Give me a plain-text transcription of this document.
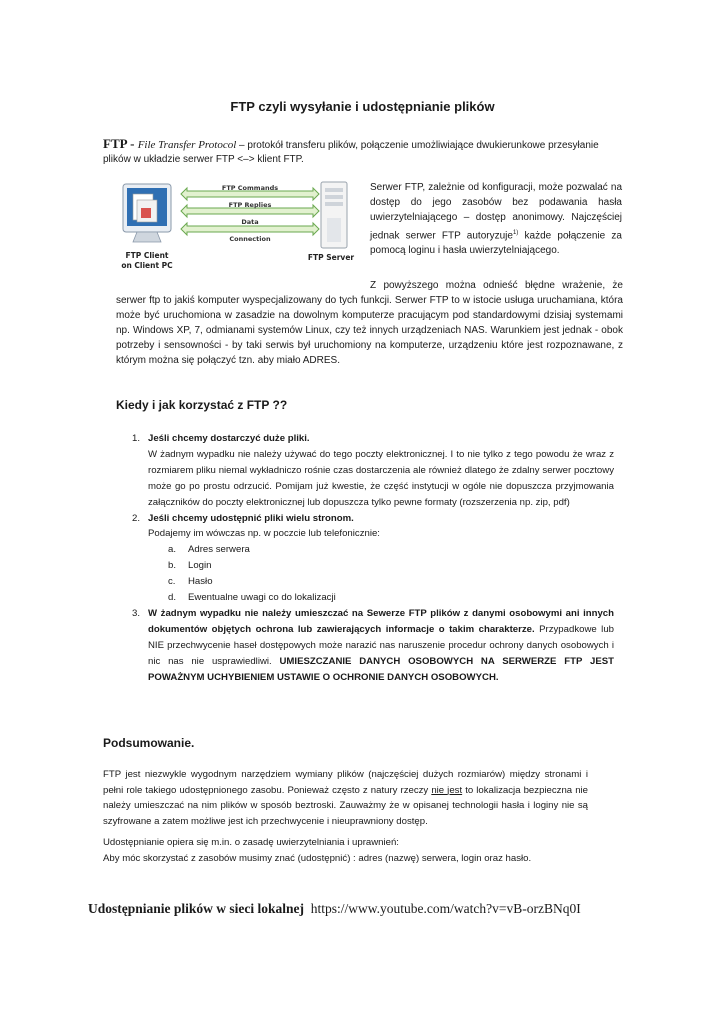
FTP czyli wysyłanie i udostępnianie plików
FTP - File Transfer Protocol – protokół transferu plików, połączenie umożliwiające dwukierunkowe przesyłanie plików w układzie serwer FTP <–> klient FTP.
FTP Commands
FTP Replies
Data
Connection
FTP Client
on Client PC
FTP Server
Serwer FTP, zależnie od konfiguracji, może pozwalać na dostęp do jego zasobów bez podawania hasła uwierzytelniającego – dostęp anonimowy. Najczęściej jednak serwer FTP autoryzuje$^{1)}$ każde połączenie za pomocą loginu i hasła uwierzytelniającego.
Z powyższego można odnieść błędne wrażenie, że serwer ftp to jakiś komputer wyspecjalizowany do tych funkcji. Serwer FTP to w istocie usługa uruchamiana, która może być uruchomiona w zasadzie na dowolnym komputerze pracującym pod standardowymi dzisiaj systemami np. Windows XP, 7, odmianami systemów Linux, czy też innych urządzeniach NAS. Warunkiem jest jednak - obok potrzeby i sensowności - by taki serwis był uruchomiony na komputerze, urządzeniu które jest rozpoznawane, z którym można się połączyć tzn. aby miało ADRES.
Kiedy i jak korzystać z FTP ??
1. Jeśli chcemy dostarczyć duże pliki.
W żadnym wypadku nie należy używać do tego poczty elektronicznej. I to nie tylko z tego powodu że wraz z rozmiarem pliku niemal wykładniczo rośnie czas dostarczenia ale również dlatego że zdalny serwer pocztowy może go po prostu odrzucić. Pomijam już kwestie, że część instytucji w ogóle nie dopuszcza przyjmowania załączników do poczty elektronicznej lub dopuszcza tylko pewne formaty (rozszerzenia np. zip, pdf)
2. Jeśli chcemy udostępnić pliki wielu stronom.
Podajemy im wówczas np. w poczcie lub telefonicznie:
a. Adres serwera
b. Login
c. Hasło
d. Ewentualne uwagi co do lokalizacji
3. W żadnym wypadku nie należy umieszczać na Sewerze FTP plików z danymi osobowymi ani innych dokumentów objętych ochrona lub zawierających informacje o takim charakterze. Przypadkowe lub NIE przechwycenie haseł dostępowych może narazić nas naruszenie procedur ochrony danych osobowych i nic nas nie usprawiedliwi. UMIESZCZANIE DANYCH OSOBOWYCH NA SERWERZE FTP JEST POWAŻNYM UCHYBIENIEM USTAWIE O OCHRONIE DANYCH OSOBOWYCH.
Podsumowanie.
FTP jest niezwykle wygodnym narzędziem wymiany plików (najczęściej dużych rozmiarów) między stronami i pełni role takiego udostępnionego zasobu. Ponieważ często z natury rzeczy nie jest to lokalizacja bezpieczna nie należy umieszczać na nim plików w sposób beztroski. Zauważmy że w opisanej technologii hasła i loginy nie są szyfrowane a zatem możliwe jest ich przechwycenie i nieuprawniony dostęp.
Udostępnianie opiera się m.in. o zasadę uwierzytelniania i uprawnień:
Aby móc skorzystać z zasobów musimy znać (udostępnić) : adres (nazwę) serwera, login oraz hasło.
Udostępnianie plików w sieci lokalnej https://www.youtube.com/watch?v=vB-orzBNq0I
